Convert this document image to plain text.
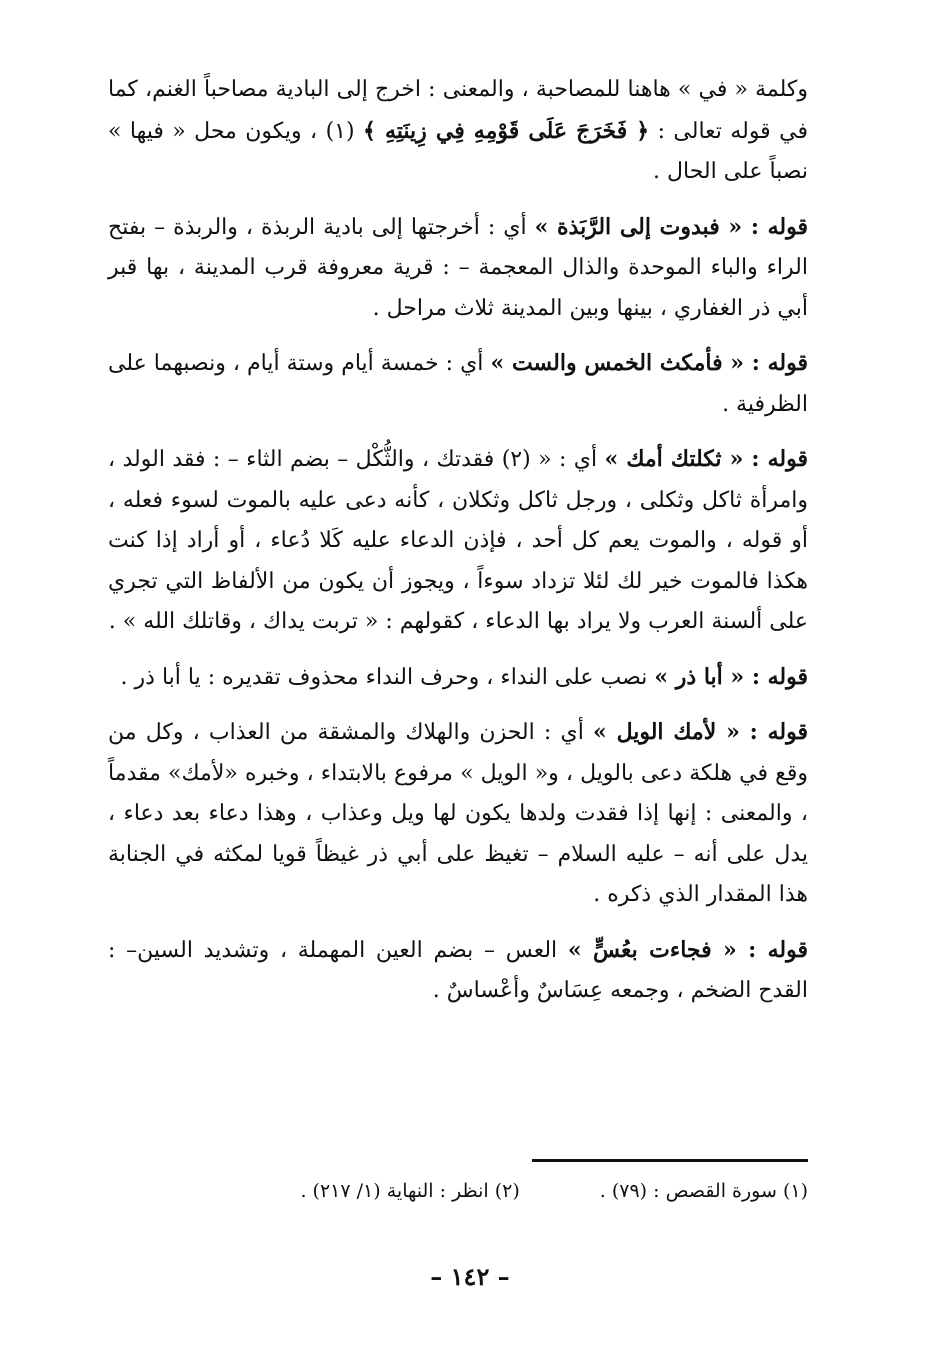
وكلمة « في » هاهنا للمصاحبة ، والمعنى : اخرج إلى البادية مصاحباً الغنم، كما في قوله تعالى : ﴿ فَخَرَجَ عَلَى قَوْمِهِ فِي زِينَتِهِ ﴾ (١) ، ويكون محل « فيها » نصباً على الحال .
قوله : « فبدوت إلى الرَّبَذة » أي : أخرجتها إلى بادية الربذة ، والربذة – بفتح الراء والباء الموحدة والذال المعجمة – : قرية معروفة قرب المدينة ، بها قبر أبي ذر الغفاري ، بينها وبين المدينة ثلاث مراحل .
قوله : « فأمكث الخمس والست » أي : خمسة أيام وستة أيام ، ونصبهما على الظرفية .
قوله : « ثكلتك أمك » أي : « (٢) فقدتك ، والثُّكْل – بضم الثاء – : فقد الولد ، وامرأة ثاكل وثكلى ، ورجل ثاكل وثكلان ، كأنه دعى عليه بالموت لسوء فعله ، أو قوله ، والموت يعم كل أحد ، فإذن الدعاء عليه كَلا دُعاء ، أو أراد إذا كنت هكذا فالموت خير لك لئلا تزداد سوءاً ، ويجوز أن يكون من الألفاظ التي تجري على ألسنة العرب ولا يراد بها الدعاء ، كقولهم : « تربت يداك ، وقاتلك الله » .
قوله : « أبا ذر » نصب على النداء ، وحرف النداء محذوف تقديره : يا أبا ذر .
قوله : « لأمك الويل » أي : الحزن والهلاك والمشقة من العذاب ، وكل من وقع في هلكة دعى بالويل ، و« الويل » مرفوع بالابتداء ، وخبره «لأمك» مقدماً ، والمعنى : إنها إذا فقدت ولدها يكون لها ويل وعذاب ، وهذا دعاء بعد دعاء ، يدل على أنه – عليه السلام – تغيظ على أبي ذر غيظاً قويا لمكثه في الجنابة هذا المقدار الذي ذكره .
قوله : « فجاءت بعُسٍّ » العس – بضم العين المهملة ، وتشديد السين– : القدح الضخم ، وجمعه عِسَاسٌ وأعْساسٌ .
(١) سورة القصص : (٧٩) .
(٢) انظر : النهاية (١/ ٢١٧) .
– ١٤٢ –
